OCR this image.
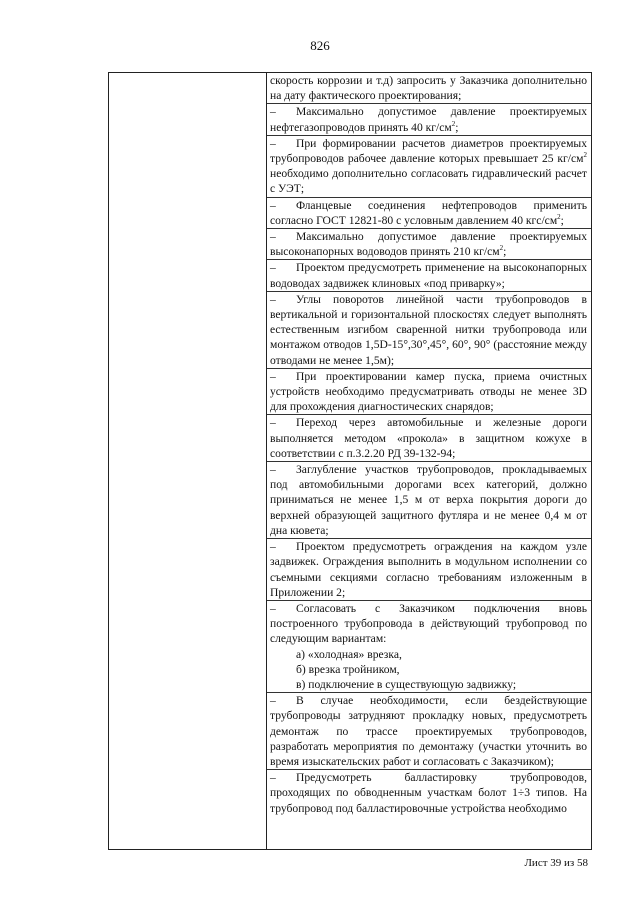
826
скорость коррозии и т.д) запросить у Заказчика дополнительно на дату фактического проектирования;
– Максимально допустимое давление проектируемых нефтегазопроводов принять 40 $кг/см^2$;
– При формировании расчетов диаметров проектируемых трубопроводов рабочее давление которых превышает 25 $кг/см^2$ необходимо дополнительно согласовать гидравлический расчет с УЭТ;
– Фланцевые соединения нефтепроводов применить согласно ГОСТ 12821-80 с условным давлением 40 кгс/$см^2$;
– Максимально допустимое давление проектируемых высоконапорных водоводов принять 210 $кг/см^2$;
– Проектом предусмотреть применение на высоконапорных водоводах задвижек клиновых «под приварку»;
– Углы поворотов линейной части трубопроводов в вертикальной и горизонтальной плоскостях следует выполнять естественным изгибом сваренной нитки трубопровода или монтажом отводов 1,5D-15°,30°,45°, 60°, 90° (расстояние между отводами не менее 1,5м);
– При проектировании камер пуска, приема очистных устройств необходимо предусматривать отводы не менее 3D для прохождения диагностических снарядов;
– Переход через автомобильные и железные дороги выполняется методом «прокола» в защитном кожухе в соответствии с п.3.2.20 РД 39-132-94;
– Заглубление участков трубопроводов, прокладываемых под автомобильными дорогами всех категорий, должно приниматься не менее 1,5 м от верха покрытия дороги до верхней образующей защитного футляра и не менее 0,4 м от дна кювета;
– Проектом предусмотреть ограждения на каждом узле задвижек. Ограждения выполнить в модульном исполнении со съемными секциями согласно требованиям изложенным в Приложении 2;
– Согласовать с Заказчиком подключения вновь построенного трубопровода в действующий трубопровод по следующим вариантам:
а) «холодная» врезка,
б) врезка тройником,
в) подключение в существующую задвижку;
– В случае необходимости, если бездействующие трубопроводы затрудняют прокладку новых, предусмотреть демонтаж по трассе проектируемых трубопроводов, разработать мероприятия по демонтажу (участки уточнить во время изыскательских работ и согласовать с Заказчиком);
– Предусмотреть балластировку трубопроводов, проходящих по обводненным участкам болот 1÷3 типов. На трубопровод под балластировочные устройства необходимо
Лист 39 из 58
